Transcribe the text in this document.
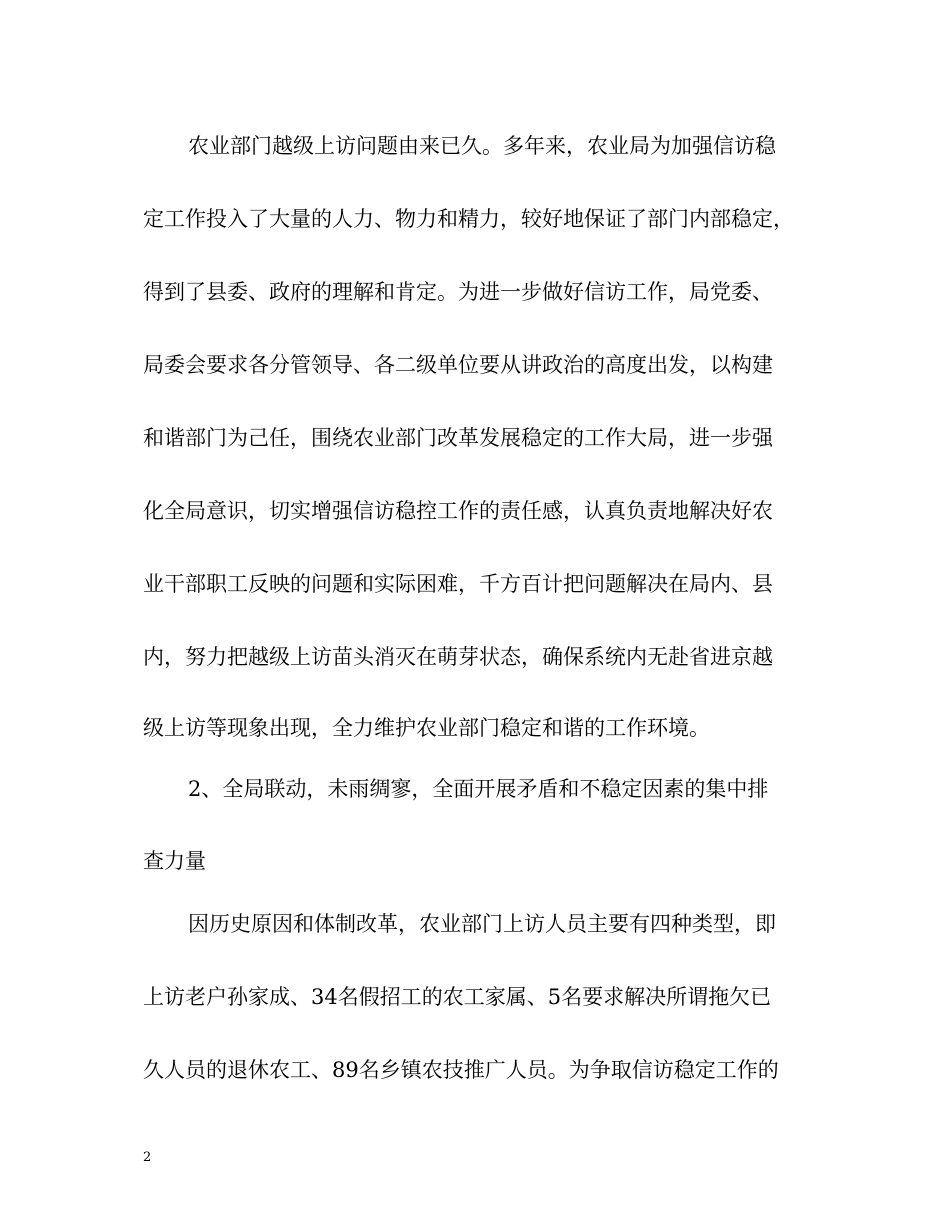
农业部门越级上访问题由来已久。多年来，农业局为加强信访稳
定工作投入了大量的人力、物力和精力，较好地保证了部门内部稳定，
得到了县委、政府的理解和肯定。为进一步做好信访工作，局党委、
局委会要求各分管领导、各二级单位要从讲政治的高度出发，以构建
和谐部门为己任，围绕农业部门改革发展稳定的工作大局，进一步强
化全局意识，切实增强信访稳控工作的责任感，认真负责地解决好农
业干部职工反映的问题和实际困难，千方百计把问题解决在局内、县
内，努力把越级上访苗头消灭在萌芽状态，确保系统内无赴省进京越
级上访等现象出现，全力维护农业部门稳定和谐的工作环境。
2、全局联动，未雨绸寥，全面开展矛盾和不稳定因素的集中排
查力量
因历史原因和体制改革，农业部门上访人员主要有四种类型，即
上访老户孙家成、34名假招工的农工家属、5名要求解决所谓拖欠已
久人员的退休农工、89名乡镇农技推广人员。为争取信访稳定工作的
2
